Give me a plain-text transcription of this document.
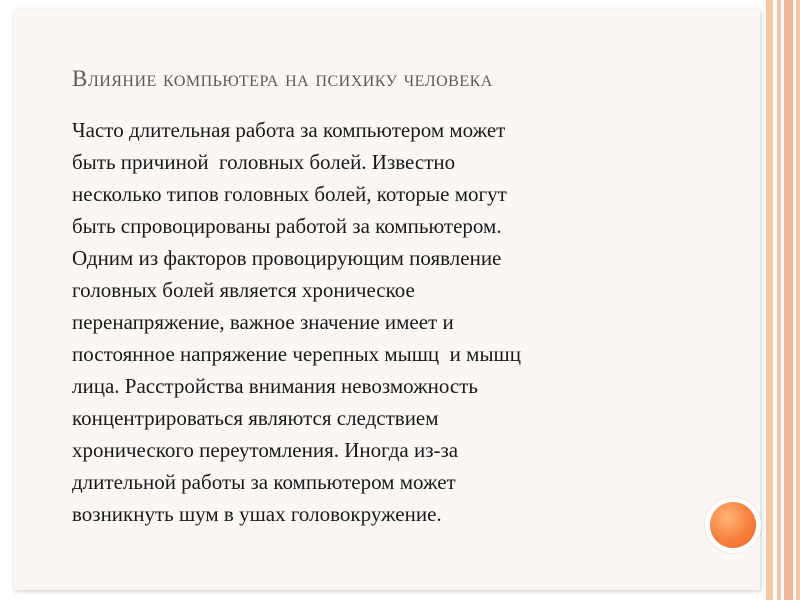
Влияние компьютера на психику человека
Часто длительная работа за компьютером может
быть причиной  головных болей. Известно
несколько типов головных болей, которые могут
быть спровоцированы работой за компьютером.
Одним из факторов провоцирующим появление
головных болей является хроническое
перенапряжение, важное значение имеет и
постоянное напряжение черепных мышц  и мышц
лица. Расстройства внимания невозможность
концентрироваться являются следствием
хронического переутомления. Иногда из-за
длительной работы за компьютером может
возникнуть шум в ушах головокружение.
